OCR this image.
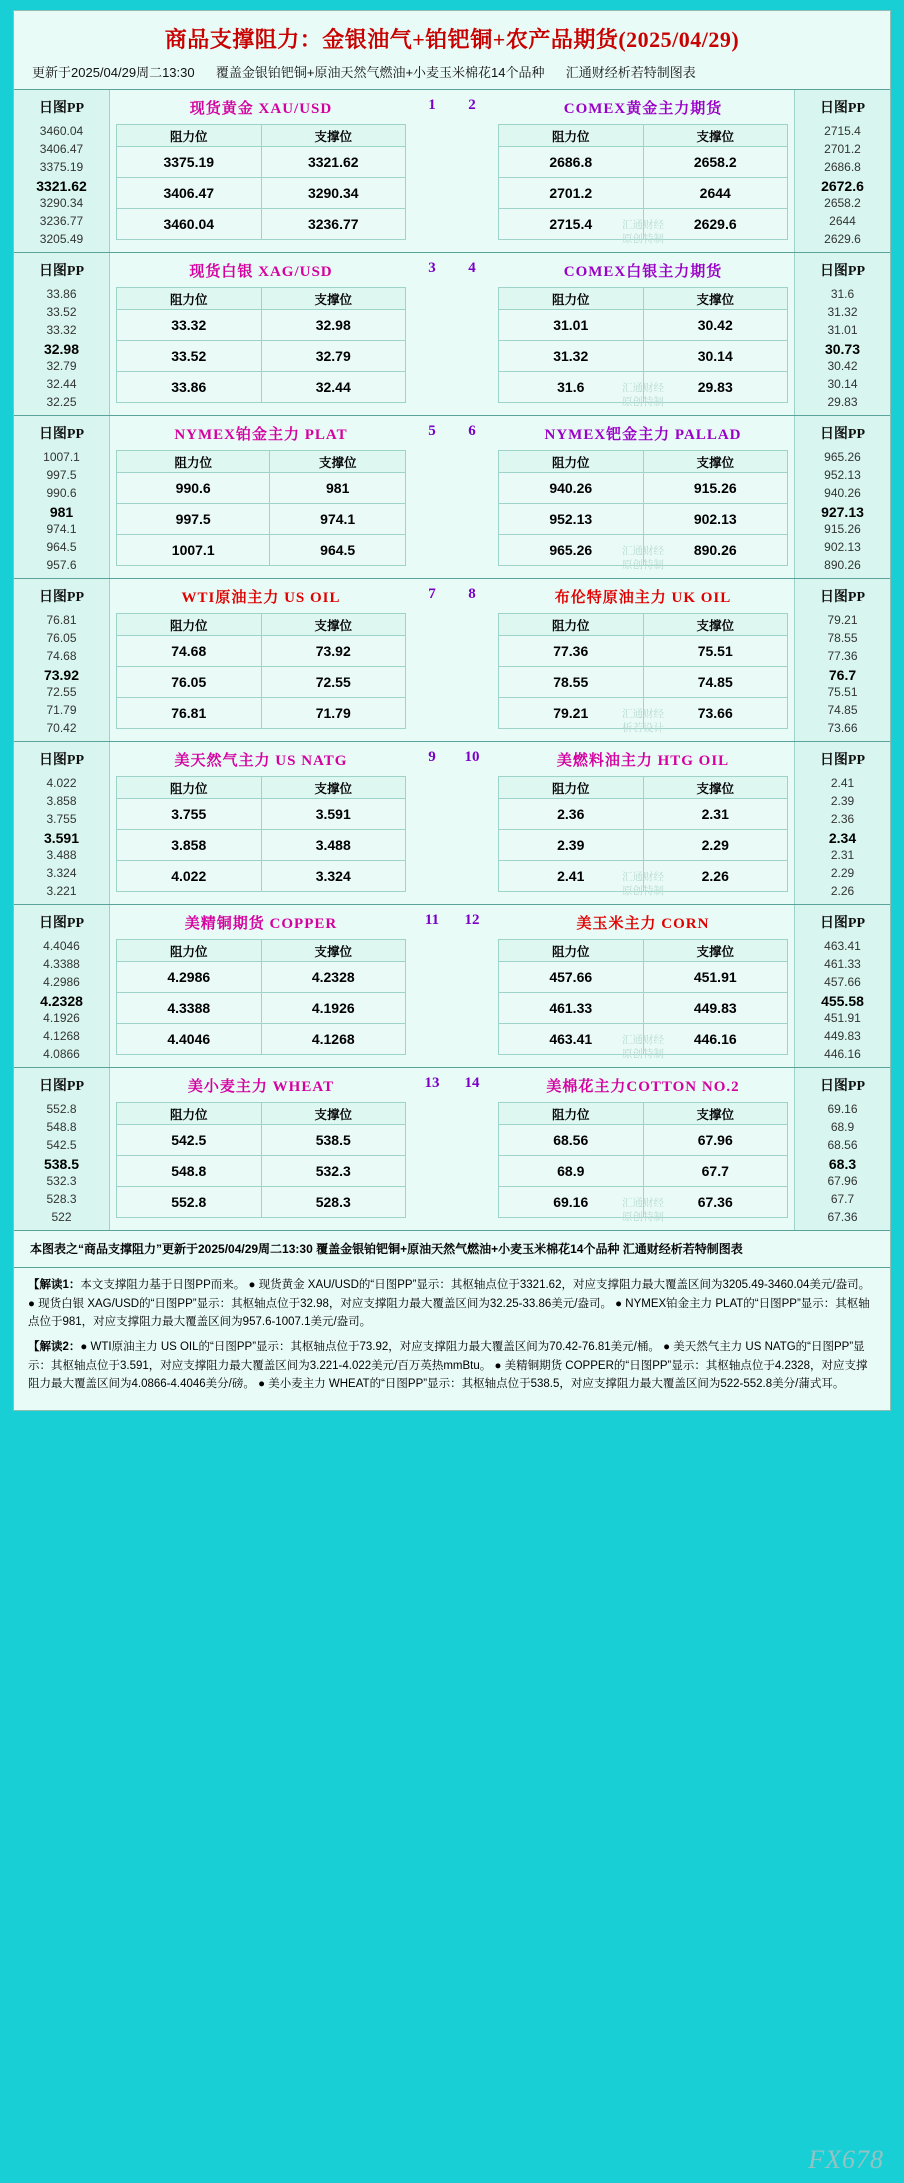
商品支撑阻力：金银油气+铂钯铜+农产品期货(2025/04/29)
更新于2025/04/29周二13:30 覆盖金银铂钯铜+原油天然气燃油+小麦玉米棉花14个品种 汇通财经析若特制图表
日图PP
3460.04
3406.47
3375.19
3321.62
3290.34
3236.77
3205.49
现货黄金 XAU/USD
阻力位	支撑位
3375.19	3321.62
3406.47	3290.34
3460.04	3236.77
1 2	COMEX黄金主力期货
阻力位	支撑位
2686.8	2658.2
2701.2	2644
2715.4	2629.6
汇通财经
原创特制
日图PP
2715.4
2701.2
2686.8
2672.6
2658.2
2644
2629.6
日图PP
33.86
33.52
33.32
32.98
32.79
32.44
32.25
现货白银 XAG/USD
阻力位	支撑位
33.32	32.98
33.52	32.79
33.86	32.44
3 4	COMEX白银主力期货
阻力位	支撑位
31.01	30.42
31.32	30.14
31.6	29.83
汇通财经
原创特制
日图PP
31.6
31.32
31.01
30.73
30.42
30.14
29.83
日图PP
1007.1
997.5
990.6
981
974.1
964.5
957.6
NYMEX铂金主力 PLAT
阻力位	支撑位
990.6	981
997.5	974.1
1007.1	964.5
5 6	NYMEX钯金主力 PALLAD
阻力位	支撑位
940.26	915.26
952.13	902.13
965.26	890.26
汇通财经
原创特制
日图PP
965.26
952.13
940.26
927.13
915.26
902.13
890.26
日图PP
76.81
76.05
74.68
73.92
72.55
71.79
70.42
WTI原油主力 US OIL
阻力位	支撑位
74.68	73.92
76.05	72.55
76.81	71.79
7 8	布伦特原油主力 UK OIL
阻力位	支撑位
77.36	75.51
78.55	74.85
79.21	73.66
汇通财经
析若设计
日图PP
79.21
78.55
77.36
76.7
75.51
74.85
73.66
日图PP
4.022
3.858
3.755
3.591
3.488
3.324
3.221
美天然气主力 US NATG
阻力位	支撑位
3.755	3.591
3.858	3.488
4.022	3.324
9 10	美燃料油主力 HTG OIL
阻力位	支撑位
2.36	2.31
2.39	2.29
2.41	2.26
汇通财经
原创特制
日图PP
2.41
2.39
2.36
2.34
2.31
2.29
2.26
日图PP
4.4046
4.3388
4.2986
4.2328
4.1926
4.1268
4.0866
美精铜期货 COPPER
阻力位	支撑位
4.2986	4.2328
4.3388	4.1926
4.4046	4.1268
11 12	美玉米主力 CORN
阻力位	支撑位
457.66	451.91
461.33	449.83
463.41	446.16
汇通财经
原创特制
日图PP
463.41
461.33
457.66
455.58
451.91
449.83
446.16
日图PP
552.8
548.8
542.5
538.5
532.3
528.3
522
美小麦主力 WHEAT
阻力位	支撑位
542.5	538.5
548.8	532.3
552.8	528.3
13 14	美棉花主力COTTON NO.2
阻力位	支撑位
68.56	67.96
68.9	67.7
69.16	67.36
汇通财经
原创特制
日图PP
69.16
68.9
68.56
68.3
67.96
67.7
67.36
本图表之“商品支撑阻力”更新于2025/04/29周二13:30 覆盖金银铂钯铜+原油天然气燃油+小麦玉米棉花14个品种 汇通财经析若特制图表

【解读1：本文支撑阻力基于日图PP而来。 ● 现货黄金 XAU/USD的“日图PP”显示：其枢轴点位于3321.62，对应支撑阻力最大覆盖区间为3205.49-3460.04美元/盎司。 ● 现货白银 XAG/USD的“日图PP”显示：其枢轴点位于32.98，对应支撑阻力最大覆盖区间为32.25-33.86美元/盎司。 ● NYMEX铂金主力 PLAT的“日图PP”显示：其枢轴点位于981，对应支撑阻力最大覆盖区间为957.6-1007.1美元/盎司。

【解读2：● WTI原油主力 US OIL的“日图PP”显示：其枢轴点位于73.92，对应支撑阻力最大覆盖区间为70.42-76.81美元/桶。 ● 美天然气主力 US NATG的“日图PP”显示：其枢轴点位于3.591，对应支撑阻力最大覆盖区间为3.221-4.022美元/百万英热mmBtu。 ● 美精铜期货 COPPER的“日图PP”显示：其枢轴点位于4.2328，对应支撑阻力最大覆盖区间为4.0866-4.4046美分/磅。 ● 美小麦主力 WHEAT的“日图PP”显示：其枢轴点位于538.5，对应支撑阻力最大覆盖区间为522-552.8美分/蒲式耳。

FX678
